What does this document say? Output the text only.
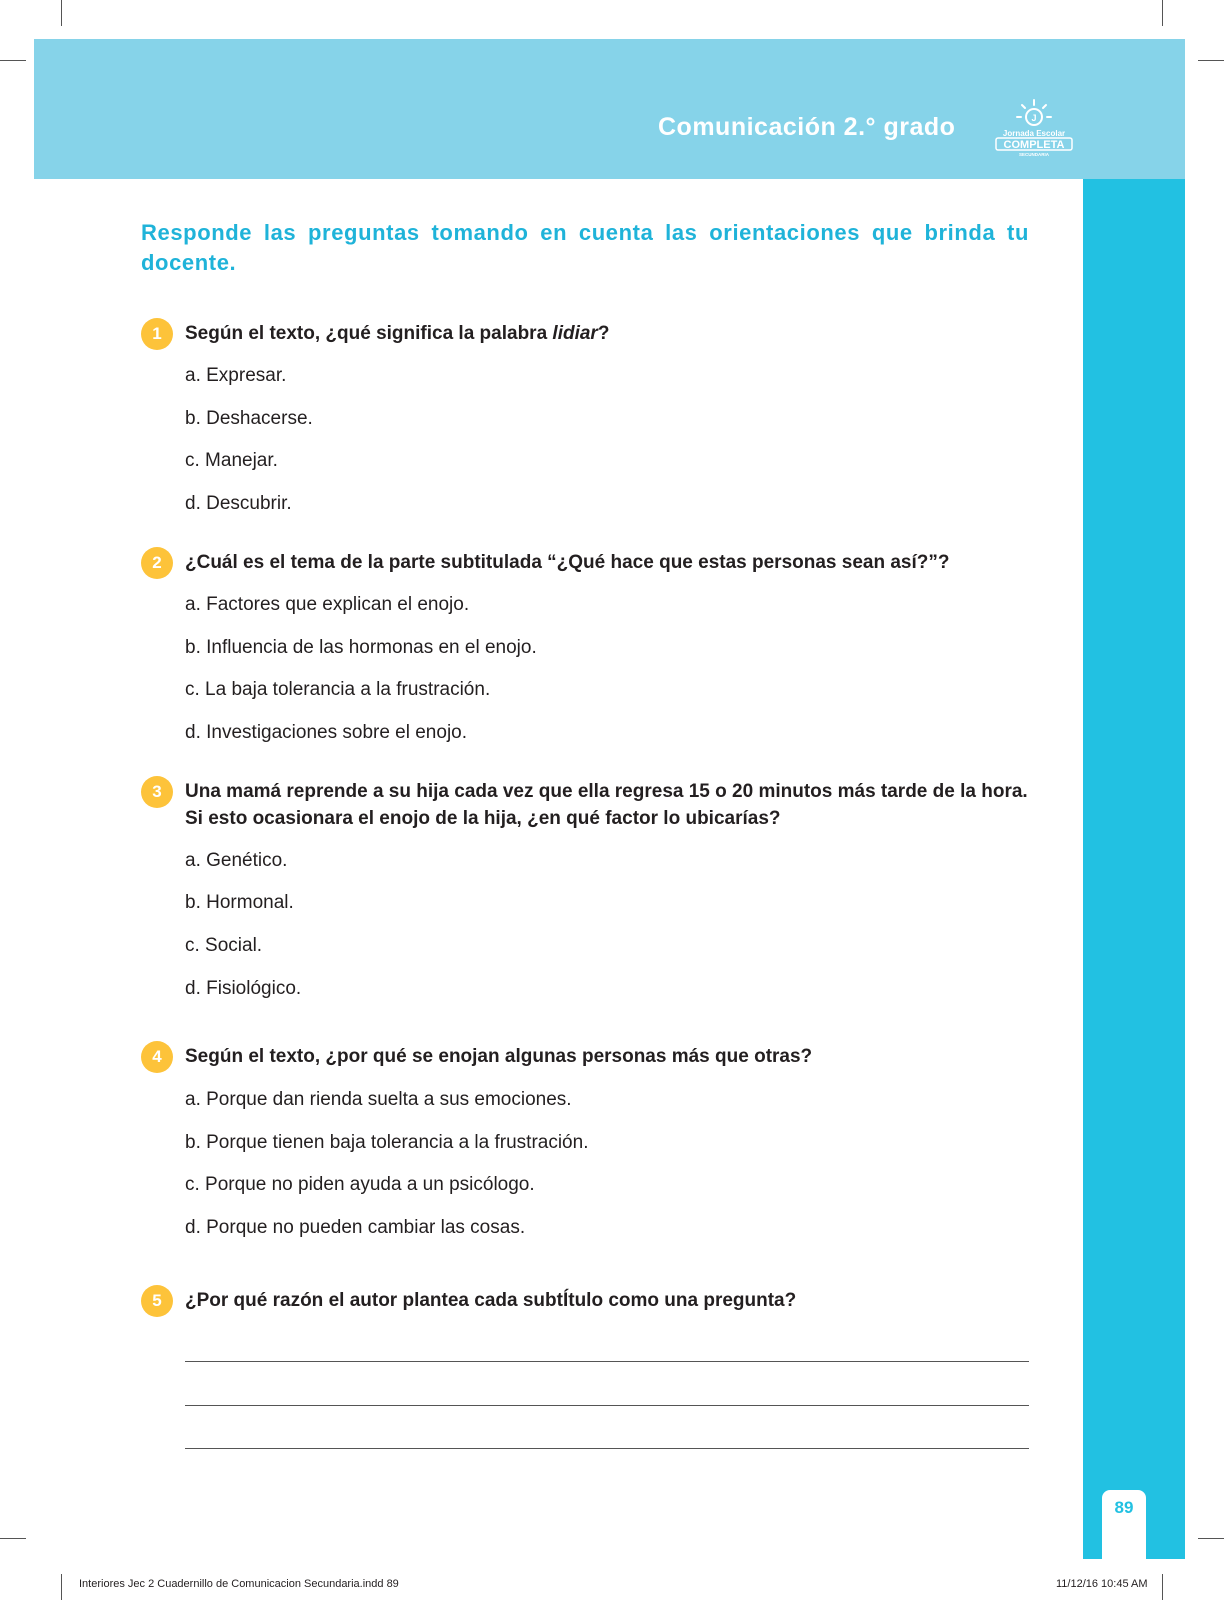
Comunicación 2.° grado	J
Jornada Escolar
COMPLETA
SECUNDARIA
89
Responde las preguntas tomando en cuenta las orientaciones que brinda tu docente.
1	Según el texto, ¿qué significa la palabra lidiar?
a. Expresar.
b. Deshacerse.
c. Manejar.
d. Descubrir.
2	¿Cuál es el tema de la parte subtitulada “¿Qué hace que estas personas sean así?”?
a. Factores que explican el enojo.
b. Influencia de las hormonas en el enojo.
c. La baja tolerancia a la frustración.
d. Investigaciones sobre el enojo.
3	Una mamá reprende a su hija cada vez que ella regresa 15 o 20 minutos más tarde de la hora.
Si esto ocasionara el enojo de la hija, ¿en qué factor lo ubicarías?
a. Genético.
b. Hormonal.
c. Social.
d. Fisiológico.
4	Según el texto, ¿por qué se enojan algunas personas más que otras?
a. Porque dan rienda suelta a sus emociones.
b. Porque tienen baja tolerancia a la frustración.
c. Porque no piden ayuda a un psicólogo.
d. Porque no pueden cambiar las cosas.
5	¿Por qué razón el autor plantea cada subtÍtulo como una pregunta?
Interiores Jec 2 Cuadernillo de Comunicacion Secundaria.indd 89	11/12/16 10:45 AM
